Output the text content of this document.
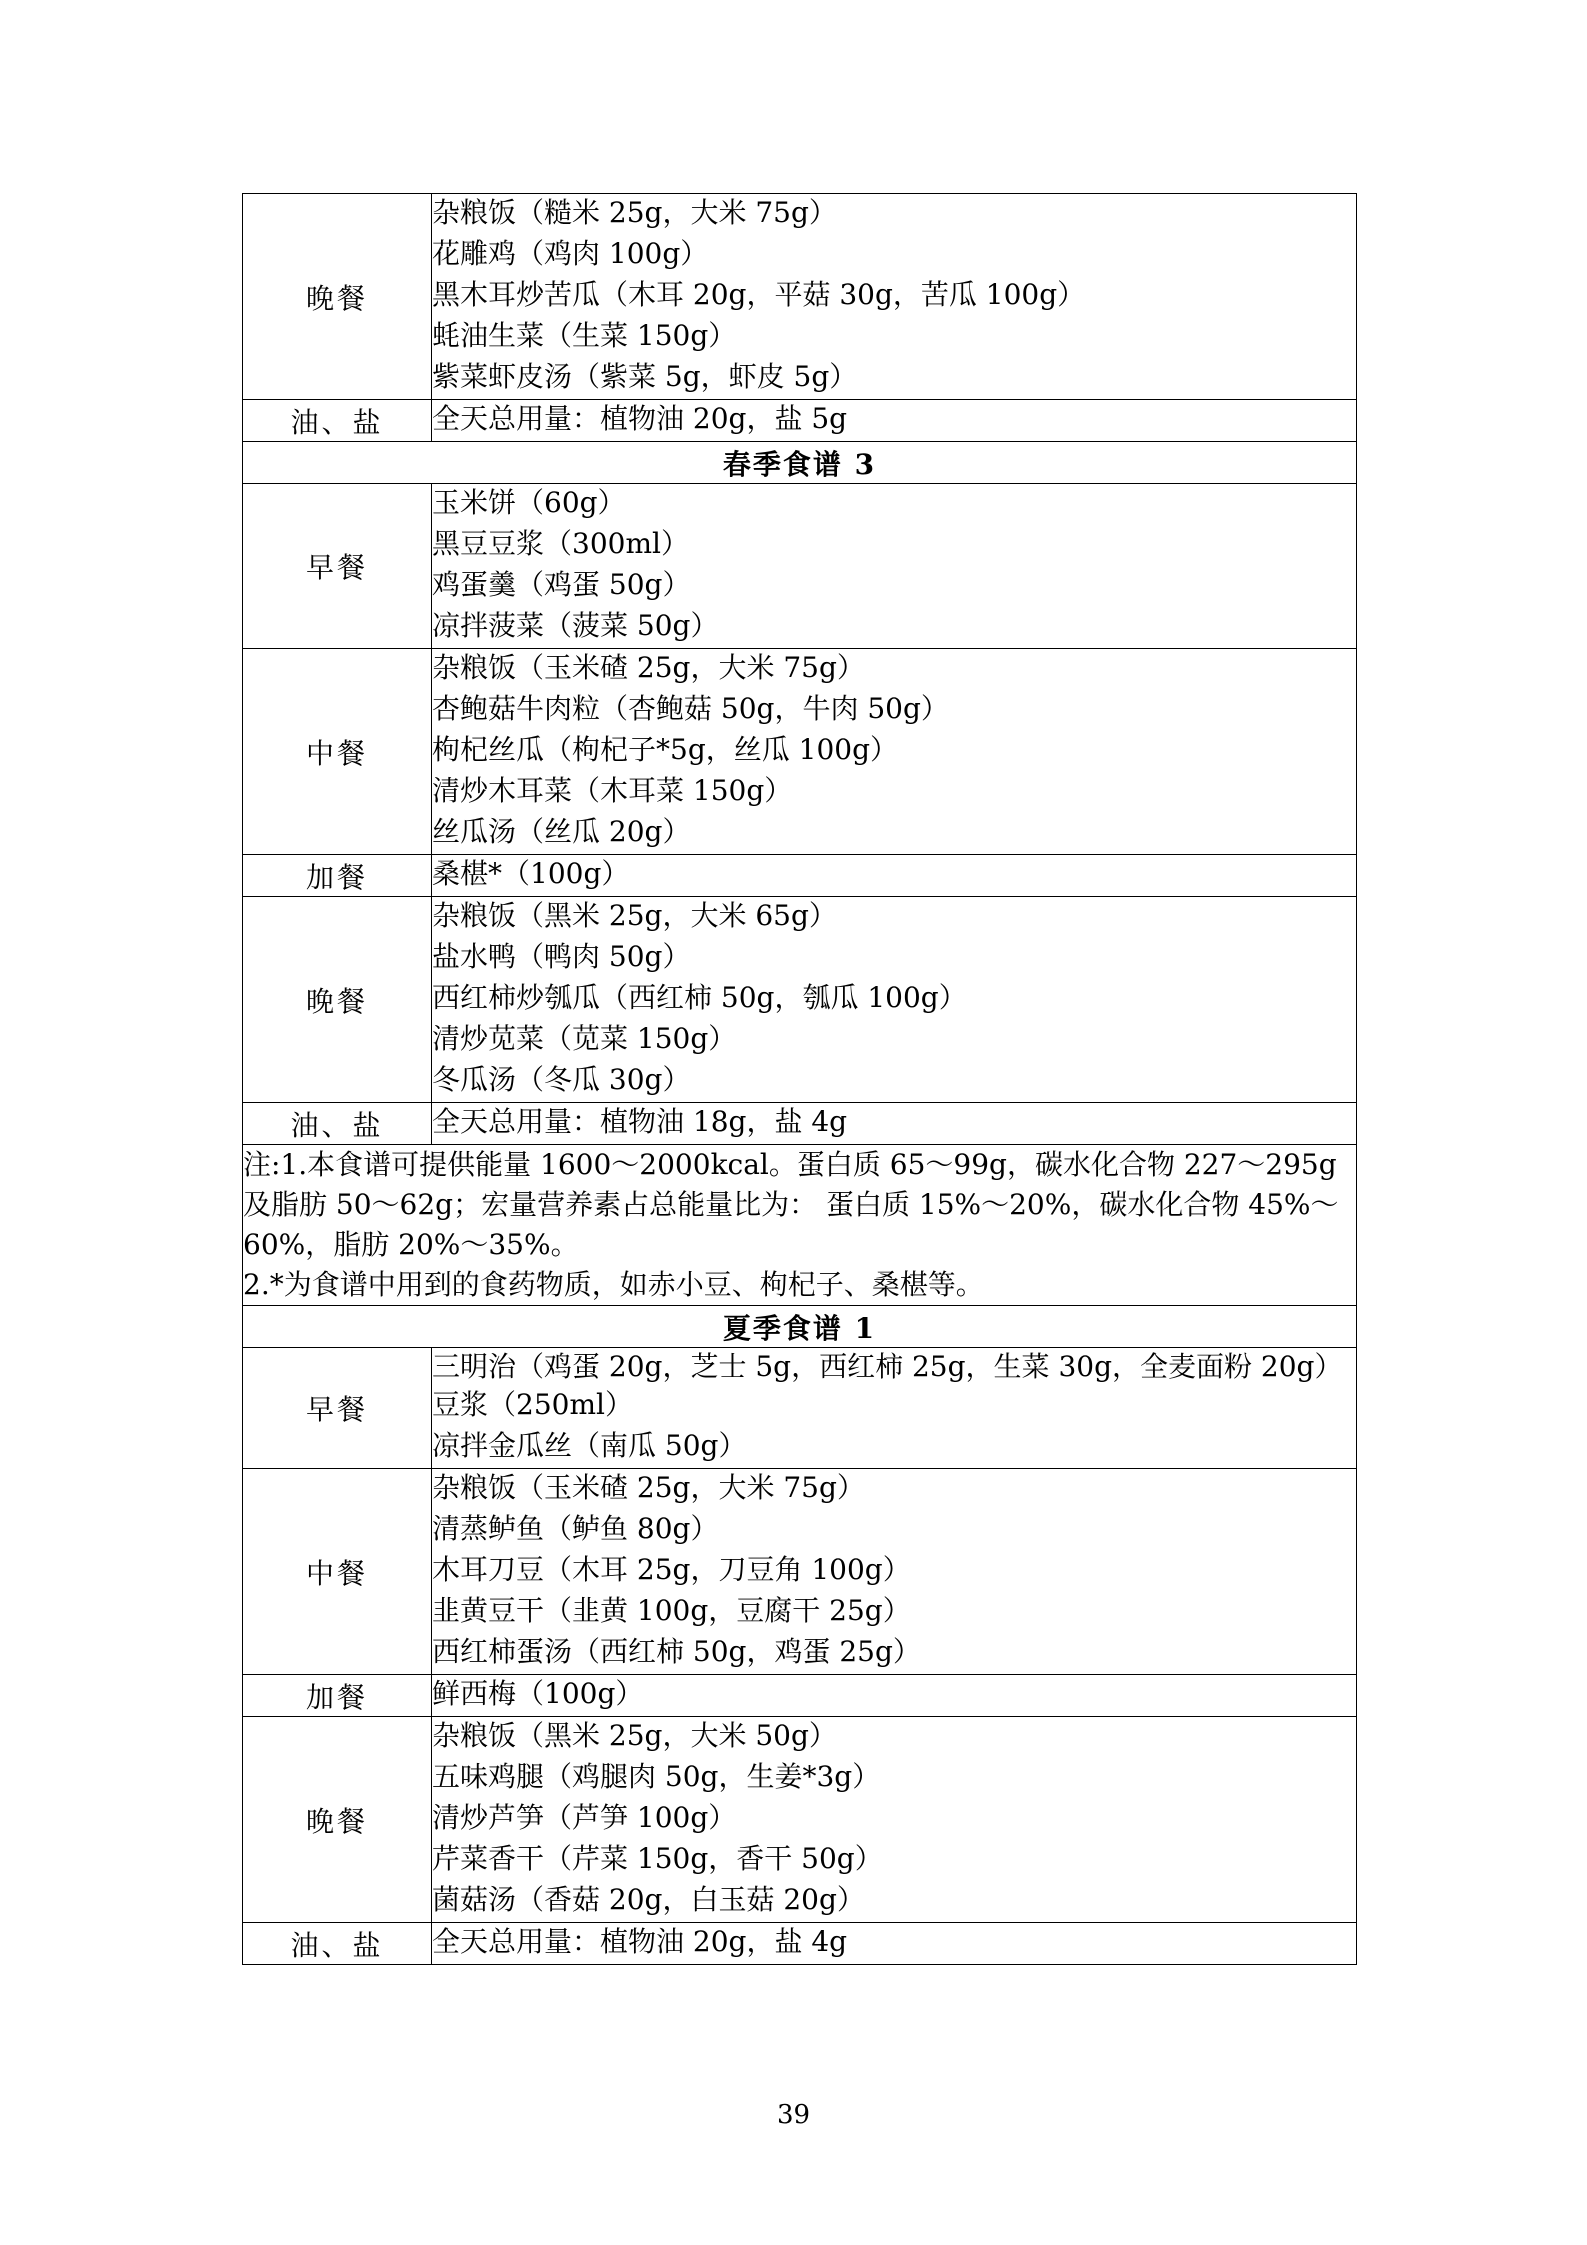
晚餐	杂粮饭（糙米 25g，大米 75g）
花雕鸡（鸡肉 100g）
黑木耳炒苦瓜（木耳 20g，平菇 30g，苦瓜 100g）
蚝油生菜（生菜 150g）
紫菜虾皮汤（紫菜 5g，虾皮 5g）

油、盐	全天总用量：植物油 20g，盐 5g

春季食谱 3	
早餐	玉米饼（60g）
黑豆豆浆（300ml）
鸡蛋羹（鸡蛋 50g）
凉拌菠菜（菠菜 50g）

中餐	杂粮饭（玉米碴 25g，大米 75g）
杏鲍菇牛肉粒（杏鲍菇 50g，牛肉 50g）
枸杞丝瓜（枸杞子*5g，丝瓜 100g）
清炒木耳菜（木耳菜 150g）
丝瓜汤（丝瓜 20g）

加餐	桑椹*（100g）

晚餐	杂粮饭（黑米 25g，大米 65g）
盐水鸭（鸭肉 50g）
西红柿炒瓠瓜（西红柿 50g，瓠瓜 100g）
清炒苋菜（苋菜 150g）
冬瓜汤（冬瓜 30g）

油、盐	全天总用量：植物油 18g，盐 4g

注:1.本食谱可提供能量 1600～2000kcal。蛋白质 65～99g，碳水化合物 227～295g 及脂肪 50～62g；宏量营养素占总能量比为： 蛋白质 15%～20%，碳水化合物 45%～60%，脂肪 20%～35%。
2.*为食谱中用到的食药物质，如赤小豆、枸杞子、桑椹等。	

夏季食谱 1	
早餐	三明治（鸡蛋 20g，芝士 5g，西红柿 25g，生菜 30g，全麦面粉 20g）
豆浆（250ml）
凉拌金瓜丝（南瓜 50g）

中餐	杂粮饭（玉米碴 25g，大米 75g）
清蒸鲈鱼（鲈鱼 80g）
木耳刀豆（木耳 25g，刀豆角 100g）
韭黄豆干（韭黄 100g，豆腐干 25g）
西红柿蛋汤（西红柿 50g，鸡蛋 25g）

加餐	鲜西梅（100g）

晚餐	杂粮饭（黑米 25g，大米 50g）
五味鸡腿（鸡腿肉 50g，生姜*3g）
清炒芦笋（芦笋 100g）
芹菜香干（芹菜 150g，香干 50g）
菌菇汤（香菇 20g，白玉菇 20g）

油、盐	全天总用量：植物油 20g，盐 4g
39
